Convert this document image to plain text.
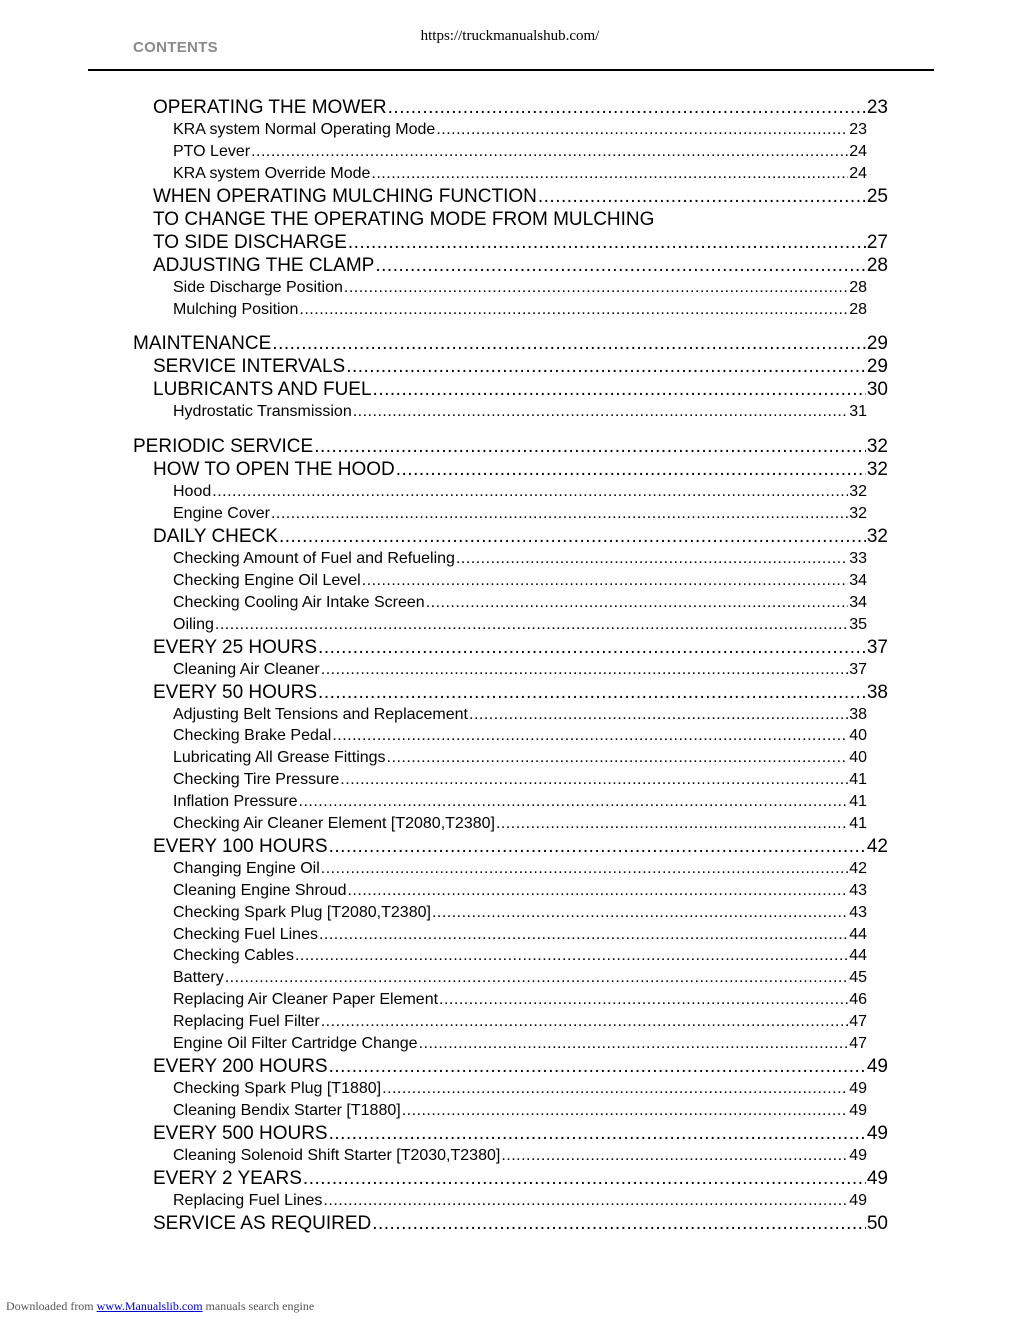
https://truckmanualshub.com/
CONTENTS
OPERATING THE MOWER .....	23
KRA system Normal Operating Mode .....	23
PTO Lever .....	24
KRA system Override Mode .....	24
WHEN OPERATING MULCHING FUNCTION .....	25
TO CHANGE THE OPERATING MODE FROM MULCHING
TO SIDE DISCHARGE .....	27
ADJUSTING THE CLAMP .....	28
Side Discharge Position .....	28
Mulching Position .....	28
MAINTENANCE .....	29
SERVICE INTERVALS .....	29
LUBRICANTS AND FUEL .....	30
Hydrostatic Transmission .....	31
PERIODIC SERVICE .....	32
HOW TO OPEN THE HOOD .....	32
Hood .....	32
Engine Cover .....	32
DAILY CHECK .....	32
Checking Amount of Fuel and Refueling .....	33
Checking Engine Oil Level .....	34
Checking Cooling Air Intake Screen .....	34
Oiling .....	35
EVERY 25 HOURS .....	37
Cleaning Air Cleaner .....	37
EVERY 50 HOURS .....	38
Adjusting Belt Tensions and Replacement .....	38
Checking Brake Pedal .....	40
Lubricating All Grease Fittings .....	40
Checking Tire Pressure .....	41
Inflation Pressure .....	41
Checking Air Cleaner Element [T2080,T2380] .....	41
EVERY 100 HOURS .....	42
Changing Engine Oil .....	42
Cleaning Engine Shroud .....	43
Checking Spark Plug [T2080,T2380] .....	43
Checking Fuel Lines .....	44
Checking Cables .....	44
Battery .....	45
Replacing Air Cleaner Paper Element .....	46
Replacing Fuel Filter .....	47
Engine Oil Filter Cartridge Change .....	47
EVERY 200 HOURS .....	49
Checking Spark Plug [T1880] .....	49
Cleaning Bendix Starter [T1880] .....	49
EVERY 500 HOURS .....	49
Cleaning Solenoid Shift Starter [T2030,T2380] .....	49
EVERY 2 YEARS .....	49
Replacing Fuel Lines .....	49
SERVICE AS REQUIRED .....	50
Downloaded from www.Manualslib.com manuals search engine
